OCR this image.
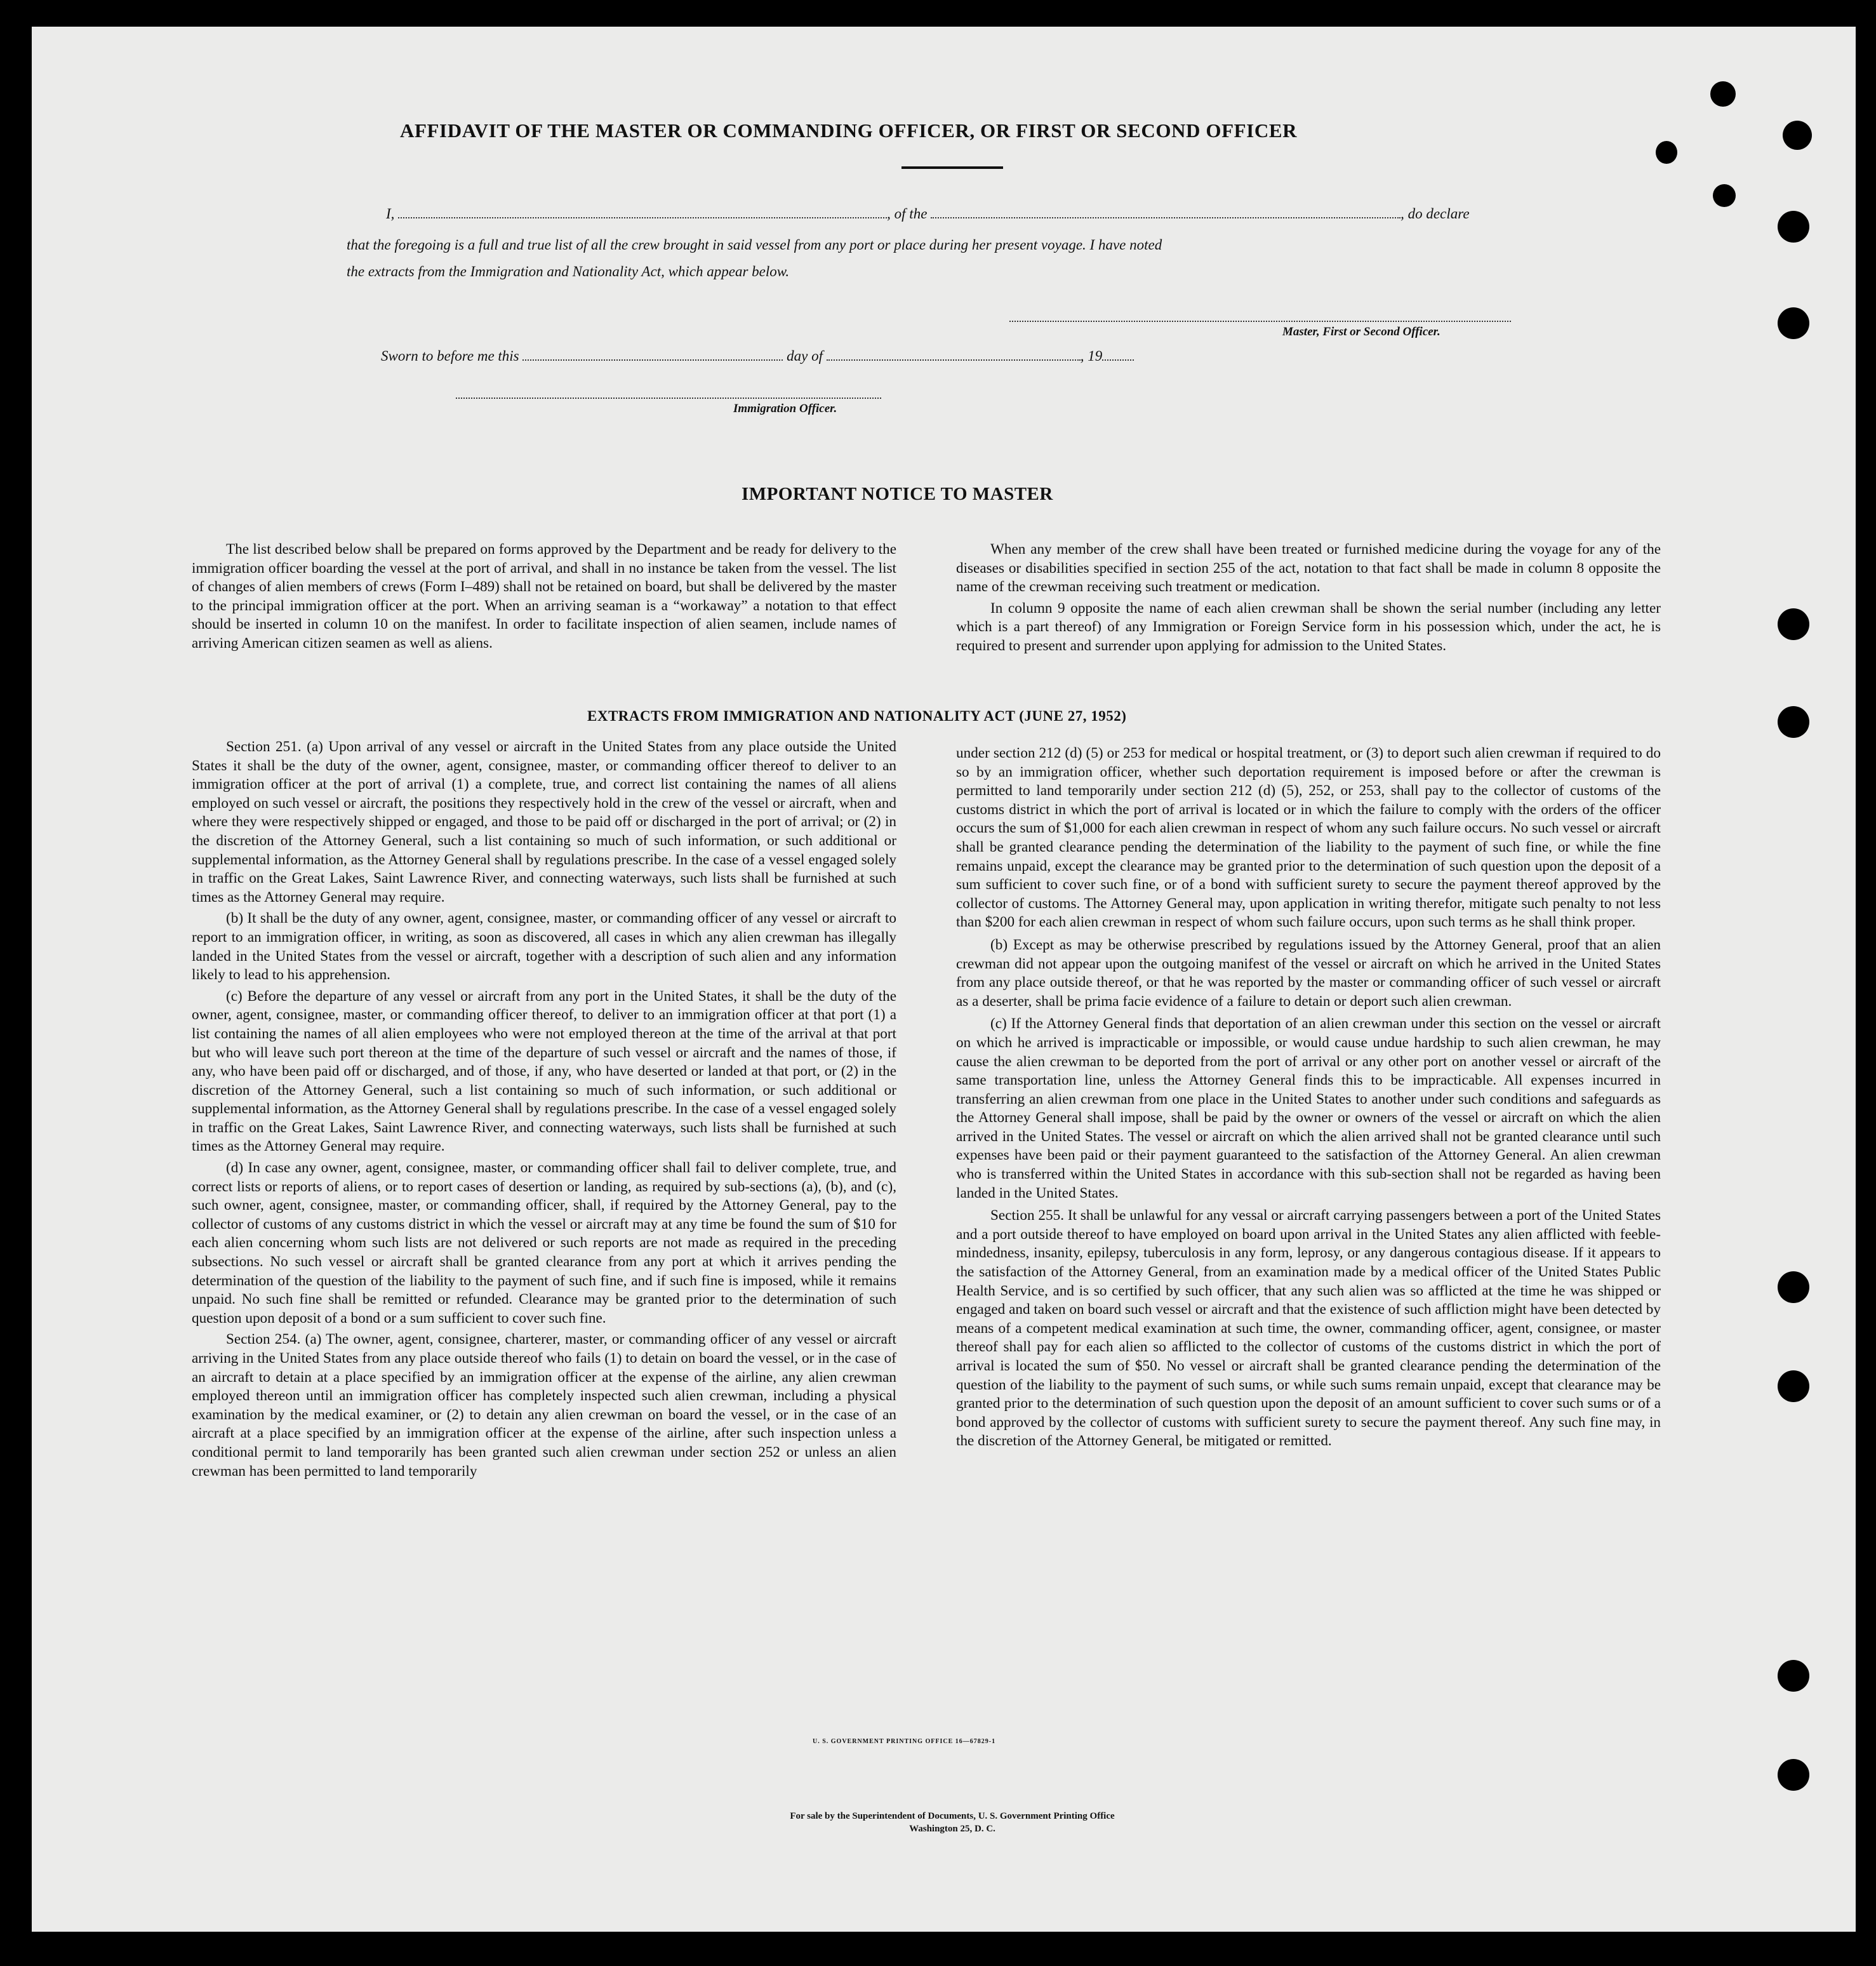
AFFIDAVIT OF THE MASTER OR COMMANDING OFFICER, OR FIRST OR SECOND OFFICER
I,	, of the	, do declare
that the foregoing is a full and true list of all the crew brought in said vessel from any port or place during her present voyage. I have noted
the extracts from the Immigration and Nationality Act, which appear below.
Master, First or Second Officer.
Sworn to before me this	day of	, 19
Immigration Officer.
IMPORTANT NOTICE TO MASTER

The list described below shall be prepared on forms approved by the Department and be ready for delivery to the immigration officer boarding the vessel at the port of arrival, and shall in no instance be taken from the vessel. The list of changes of alien members of crews (Form I–489) shall not be retained on board, but shall be delivered by the master to the principal immigration officer at the port. When an arriving seaman is a “workaway” a notation to that effect should be inserted in column 10 on the manifest. In order to facilitate inspection of alien seamen, include names of arriving American citizen seamen as well as aliens.

When any member of the crew shall have been treated or furnished medicine during the voyage for any of the diseases or disabilities specified in section 255 of the act, notation to that fact shall be made in column 8 opposite the name of the crewman receiving such treatment or medication.

In column 9 opposite the name of each alien crewman shall be shown the serial number (including any letter which is a part thereof) of any Immigration or Foreign Service form in his possession which, under the act, he is required to present and surrender upon applying for admission to the United States.

EXTRACTS FROM IMMIGRATION AND NATIONALITY ACT (JUNE 27, 1952)

Section 251. (a) Upon arrival of any vessel or aircraft in the United States from any place outside the United States it shall be the duty of the owner, agent, consignee, master, or commanding officer thereof to deliver to an immigration officer at the port of arrival (1) a complete, true, and correct list containing the names of all aliens employed on such vessel or aircraft, the positions they respectively hold in the crew of the vessel or aircraft, when and where they were respectively shipped or engaged, and those to be paid off or discharged in the port of arrival; or (2) in the discretion of the Attorney General, such a list containing so much of such information, or such additional or supplemental information, as the Attorney General shall by regulations prescribe. In the case of a vessel engaged solely in traffic on the Great Lakes, Saint Lawrence River, and connecting waterways, such lists shall be furnished at such times as the Attorney General may require.

(b) It shall be the duty of any owner, agent, consignee, master, or commanding officer of any vessel or aircraft to report to an immigration officer, in writing, as soon as discovered, all cases in which any alien crewman has illegally landed in the United States from the vessel or aircraft, together with a description of such alien and any information likely to lead to his apprehension.

(c) Before the departure of any vessel or aircraft from any port in the United States, it shall be the duty of the owner, agent, consignee, master, or commanding officer thereof, to deliver to an immigration officer at that port (1) a list containing the names of all alien employees who were not employed thereon at the time of the arrival at that port but who will leave such port thereon at the time of the departure of such vessel or aircraft and the names of those, if any, who have been paid off or discharged, and of those, if any, who have deserted or landed at that port, or (2) in the discretion of the Attorney General, such a list containing so much of such information, or such additional or supplemental information, as the Attorney General shall by regulations prescribe. In the case of a vessel engaged solely in traffic on the Great Lakes, Saint Lawrence River, and connecting waterways, such lists shall be furnished at such times as the Attorney General may require.

(d) In case any owner, agent, consignee, master, or commanding officer shall fail to deliver complete, true, and correct lists or reports of aliens, or to report cases of desertion or landing, as required by sub-sections (a), (b), and (c), such owner, agent, consignee, master, or commanding officer, shall, if required by the Attorney General, pay to the collector of customs of any customs district in which the vessel or aircraft may at any time be found the sum of $10 for each alien concerning whom such lists are not delivered or such reports are not made as required in the preceding subsections. No such vessel or aircraft shall be granted clearance from any port at which it arrives pending the determination of the question of the liability to the payment of such fine, and if such fine is imposed, while it remains unpaid. No such fine shall be remitted or refunded. Clearance may be granted prior to the determination of such question upon deposit of a bond or a sum sufficient to cover such fine.

Section 254. (a) The owner, agent, consignee, charterer, master, or commanding officer of any vessel or aircraft arriving in the United States from any place outside thereof who fails (1) to detain on board the vessel, or in the case of an aircraft to detain at a place specified by an immigration officer at the expense of the airline, any alien crewman employed thereon until an immigration officer has completely inspected such alien crewman, including a physical examination by the medical examiner, or (2) to detain any alien crewman on board the vessel, or in the case of an aircraft at a place specified by an immigration officer at the expense of the airline, after such inspection unless a conditional permit to land temporarily has been granted such alien crewman under section 252 or unless an alien crewman has been permitted to land temporarily

under section 212 (d) (5) or 253 for medical or hospital treatment, or (3) to deport such alien crewman if required to do so by an immigration officer, whether such deportation requirement is imposed before or after the crewman is permitted to land temporarily under section 212 (d) (5), 252, or 253, shall pay to the collector of customs of the customs district in which the port of arrival is located or in which the failure to comply with the orders of the officer occurs the sum of $1,000 for each alien crewman in respect of whom any such failure occurs. No such vessel or aircraft shall be granted clearance pending the determination of the liability to the payment of such fine, or while the fine remains unpaid, except the clearance may be granted prior to the determination of such question upon the deposit of a sum sufficient to cover such fine, or of a bond with sufficient surety to secure the payment thereof approved by the collector of customs. The Attorney General may, upon application in writing therefor, mitigate such penalty to not less than $200 for each alien crewman in respect of whom such failure occurs, upon such terms as he shall think proper.

(b) Except as may be otherwise prescribed by regulations issued by the Attorney General, proof that an alien crewman did not appear upon the outgoing manifest of the vessel or aircraft on which he arrived in the United States from any place outside thereof, or that he was reported by the master or commanding officer of such vessel or aircraft as a deserter, shall be prima facie evidence of a failure to detain or deport such alien crewman.

(c) If the Attorney General finds that deportation of an alien crewman under this section on the vessel or aircraft on which he arrived is impracticable or impossible, or would cause undue hardship to such alien crewman, he may cause the alien crewman to be deported from the port of arrival or any other port on another vessel or aircraft of the same transportation line, unless the Attorney General finds this to be impracticable. All expenses incurred in transferring an alien crewman from one place in the United States to another under such conditions and safeguards as the Attorney General shall impose, shall be paid by the owner or owners of the vessel or aircraft on which the alien arrived in the United States. The vessel or aircraft on which the alien arrived shall not be granted clearance until such expenses have been paid or their payment guaranteed to the satisfaction of the Attorney General. An alien crewman who is transferred within the United States in accordance with this sub-section shall not be regarded as having been landed in the United States.

Section 255. It shall be unlawful for any vessal or aircraft carrying passengers between a port of the United States and a port outside thereof to have employed on board upon arrival in the United States any alien afflicted with feeble-mindedness, insanity, epilepsy, tuberculosis in any form, leprosy, or any dangerous contagious disease. If it appears to the satisfaction of the Attorney General, from an examination made by a medical officer of the United States Public Health Service, and is so certified by such officer, that any such alien was so afflicted at the time he was shipped or engaged and taken on board such vessel or aircraft and that the existence of such affliction might have been detected by means of a competent medical examination at such time, the owner, commanding officer, agent, consignee, or master thereof shall pay for each alien so afflicted to the collector of customs of the customs district in which the port of arrival is located the sum of $50. No vessel or aircraft shall be granted clearance pending the determination of the question of the liability to the payment of such sums, or while such sums remain unpaid, except that clearance may be granted prior to the determination of such question upon the deposit of an amount sufficient to cover such sums or of a bond approved by the collector of customs with sufficient surety to secure the payment thereof. Any such fine may, in the discretion of the Attorney General, be mitigated or remitted.

U. S. GOVERNMENT PRINTING OFFICE 16—67829-1
For sale by the Superintendent of Documents, U. S. Government Printing Office
Washington 25, D. C.
